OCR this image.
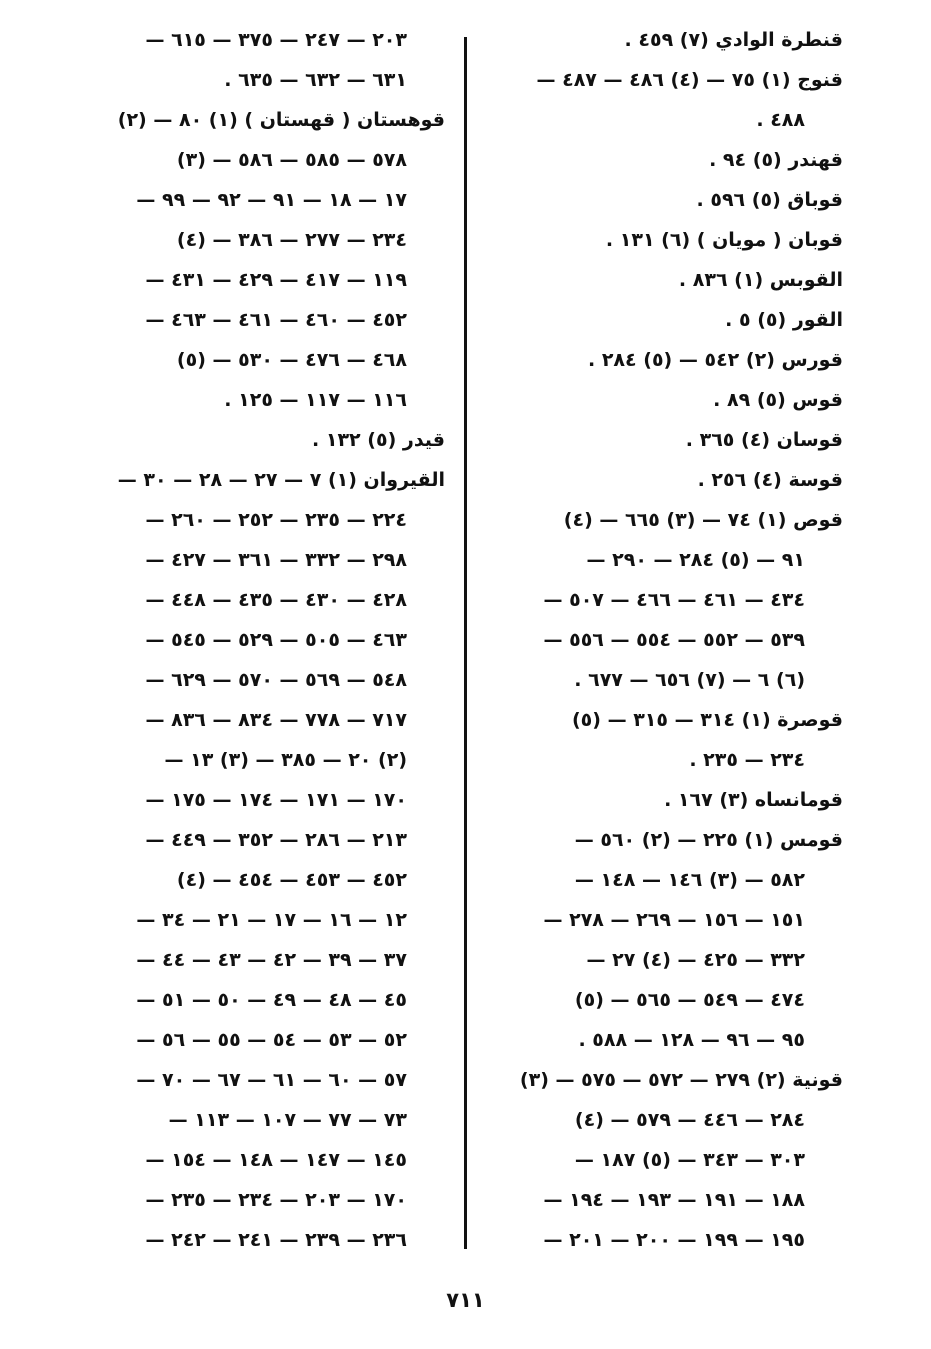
قنطرة الوادي (٧) ٤٥٩ .
قنوج (١) ٧٥ — (٤) ٤٨٦ — ٤٨٧ —
٤٨٨ .
قهندر (٥) ٩٤ .
قوباق (٥) ٥٩٦ .
قوبان ( مويان ) (٦) ١٣١ .
القوبس (١) ٨٣٦ .
القور (٥) ٥ .
قورس (٢) ٥٤٢ — (٥) ٢٨٤ .
قوس (٥) ٨٩ .
قوسان (٤) ٣٦٥ .
قوسة (٤) ٢٥٦ .
قوص (١) ٧٤ — (٣) ٦٦٥ — (٤)
٩١ — (٥) ٢٨٤ — ٢٩٠ —
٤٣٤ — ٤٦١ — ٤٦٦ — ٥٠٧ —
٥٣٩ — ٥٥٢ — ٥٥٤ — ٥٥٦ —
(٦) ٦ — (٧) ٦٥٦ — ٦٧٧ .
قوصرة (١) ٣١٤ — ٣١٥ — (٥)
٢٣٤ — ٢٣٥ .
قومانساه (٣) ١٦٧ .
قومس (١) ٢٢٥ — (٢) ٥٦٠ —
٥٨٢ — (٣) ١٤٦ — ١٤٨ —
١٥١ — ١٥٦ — ٢٦٩ — ٢٧٨ —
٣٣٢ — ٤٢٥ — (٤) ٢٧ —
٤٧٤ — ٥٤٩ — ٥٦٥ — (٥)
٩٥ — ٩٦ — ١٢٨ — ٥٨٨ .
قونية (٢) ٢٧٩ — ٥٧٢ — ٥٧٥ — (٣)
٢٨٤ — ٤٤٦ — ٥٧٩ — (٤)
٣٠٣ — ٣٤٣ — (٥) ١٨٧ —
١٨٨ — ١٩١ — ١٩٣ — ١٩٤ —
١٩٥ — ١٩٩ — ٢٠٠ — ٢٠١ —
٢٠٣ — ٢٤٧ — ٣٧٥ — ٦١٥ —
٦٣١ — ٦٣٢ — ٦٣٥ .
قوهستان ( قهستان ) (١) ٨٠ — (٢)
٥٧٨ — ٥٨٥ — ٥٨٦ — (٣)
١٧ — ١٨ — ٩١ — ٩٢ — ٩٩ —
٢٣٤ — ٢٧٧ — ٣٨٦ — (٤)
١١٩ — ٤١٧ — ٤٢٩ — ٤٣١ —
٤٥٢ — ٤٦٠ — ٤٦١ — ٤٦٣ —
٤٦٨ — ٤٧٦ — ٥٣٠ — (٥)
١١٦ — ١١٧ — ١٢٥ .
قيدر (٥) ١٣٢ .
القيروان (١) ٧ — ٢٧ — ٢٨ — ٣٠ —
٢٢٤ — ٢٣٥ — ٢٥٢ — ٢٦٠ —
٢٩٨ — ٣٣٢ — ٣٦١ — ٤٢٧ —
٤٢٨ — ٤٣٠ — ٤٣٥ — ٤٤٨ —
٤٦٣ — ٥٠٥ — ٥٢٩ — ٥٤٥ —
٥٤٨ — ٥٦٩ — ٥٧٠ — ٦٢٩ —
٧١٧ — ٧٧٨ — ٨٣٤ — ٨٣٦ —
(٢) ٢٠ — ٣٨٥ — (٣) ١٣ —
١٧٠ — ١٧١ — ١٧٤ — ١٧٥ —
٢١٣ — ٢٨٦ — ٣٥٢ — ٤٤٩ —
٤٥٢ — ٤٥٣ — ٤٥٤ — (٤)
١٢ — ١٦ — ١٧ — ٢١ — ٣٤ —
٣٧ — ٣٩ — ٤٢ — ٤٣ — ٤٤ —
٤٥ — ٤٨ — ٤٩ — ٥٠ — ٥١ —
٥٢ — ٥٣ — ٥٤ — ٥٥ — ٥٦ —
٥٧ — ٦٠ — ٦١ — ٦٧ — ٧٠ —
٧٣ — ٧٧ — ١٠٧ — ١١٣ —
١٤٥ — ١٤٧ — ١٤٨ — ١٥٤ —
١٧٠ — ٢٠٣ — ٢٣٤ — ٢٣٥ —
٢٣٦ — ٢٣٩ — ٢٤١ — ٢٤٢ —
٧١١
